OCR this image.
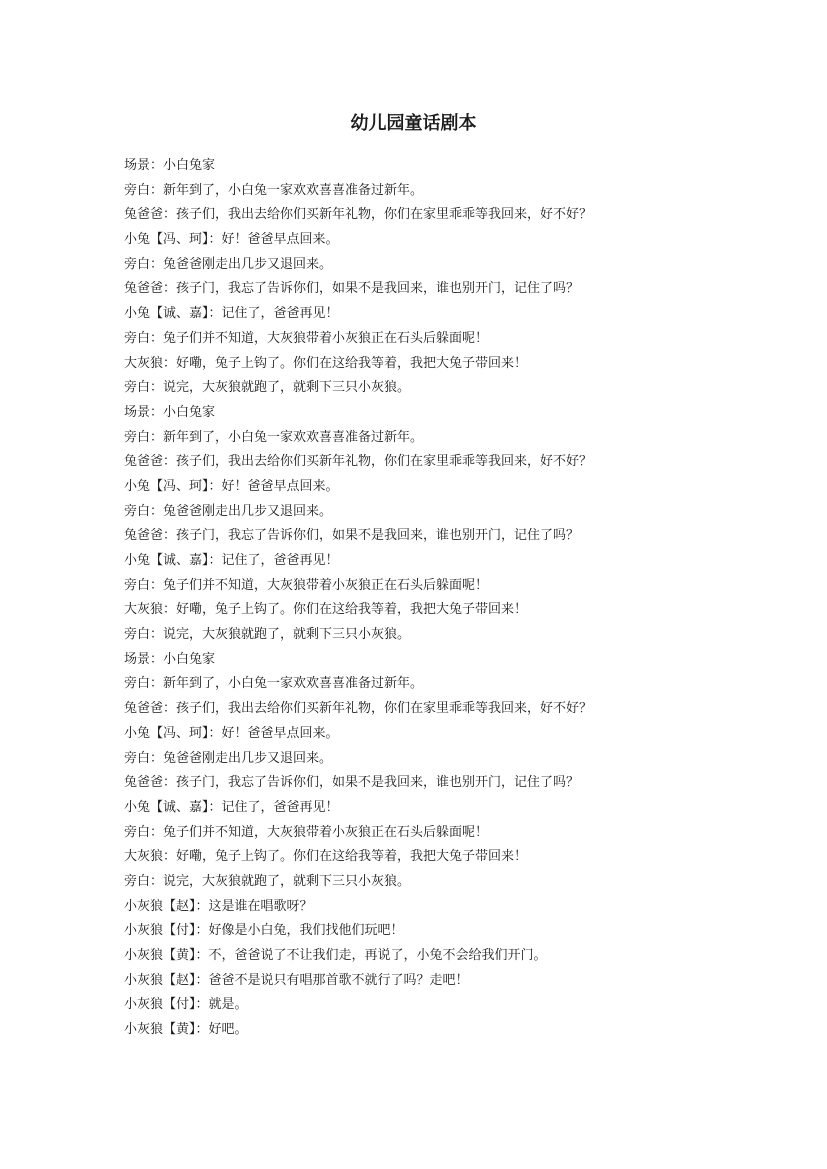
幼儿园童话剧本
场景：小白兔家
旁白：新年到了，小白兔一家欢欢喜喜准备过新年。
兔爸爸：孩子们，我出去给你们买新年礼物，你们在家里乖乖等我回来，好不好？
小兔【冯、珂】：好！爸爸早点回来。
旁白：兔爸爸刚走出几步又退回来。
兔爸爸：孩子门，我忘了告诉你们，如果不是我回来，谁也别开门，记住了吗？
小兔【诚、嘉】：记住了，爸爸再见！
旁白：兔子们并不知道，大灰狼带着小灰狼正在石头后躲面呢！
大灰狼：好嘞，兔子上钩了。你们在这给我等着，我把大兔子带回来！
旁白：说完，大灰狼就跑了，就剩下三只小灰狼。
场景：小白兔家
旁白：新年到了，小白兔一家欢欢喜喜准备过新年。
兔爸爸：孩子们，我出去给你们买新年礼物，你们在家里乖乖等我回来，好不好？
小兔【冯、珂】：好！爸爸早点回来。
旁白：兔爸爸刚走出几步又退回来。
兔爸爸：孩子门，我忘了告诉你们，如果不是我回来，谁也别开门，记住了吗？
小兔【诚、嘉】：记住了，爸爸再见！
旁白：兔子们并不知道，大灰狼带着小灰狼正在石头后躲面呢！
大灰狼：好嘞，兔子上钩了。你们在这给我等着，我把大兔子带回来！
旁白：说完，大灰狼就跑了，就剩下三只小灰狼。
场景：小白兔家
旁白：新年到了，小白兔一家欢欢喜喜准备过新年。
兔爸爸：孩子们，我出去给你们买新年礼物，你们在家里乖乖等我回来，好不好？
小兔【冯、珂】：好！爸爸早点回来。
旁白：兔爸爸刚走出几步又退回来。
兔爸爸：孩子门，我忘了告诉你们，如果不是我回来，谁也别开门，记住了吗？
小兔【诚、嘉】：记住了，爸爸再见！
旁白：兔子们并不知道，大灰狼带着小灰狼正在石头后躲面呢！
大灰狼：好嘞，兔子上钩了。你们在这给我等着，我把大兔子带回来！
旁白：说完，大灰狼就跑了，就剩下三只小灰狼。
小灰狼【赵】：这是谁在唱歌呀？
小灰狼【付】：好像是小白兔，我们找他们玩吧！
小灰狼【黄】：不，爸爸说了不让我们走，再说了，小兔不会给我们开门。
小灰狼【赵】：爸爸不是说只有唱那首歌不就行了吗？走吧！
小灰狼【付】：就是。
小灰狼【黄】：好吧。
